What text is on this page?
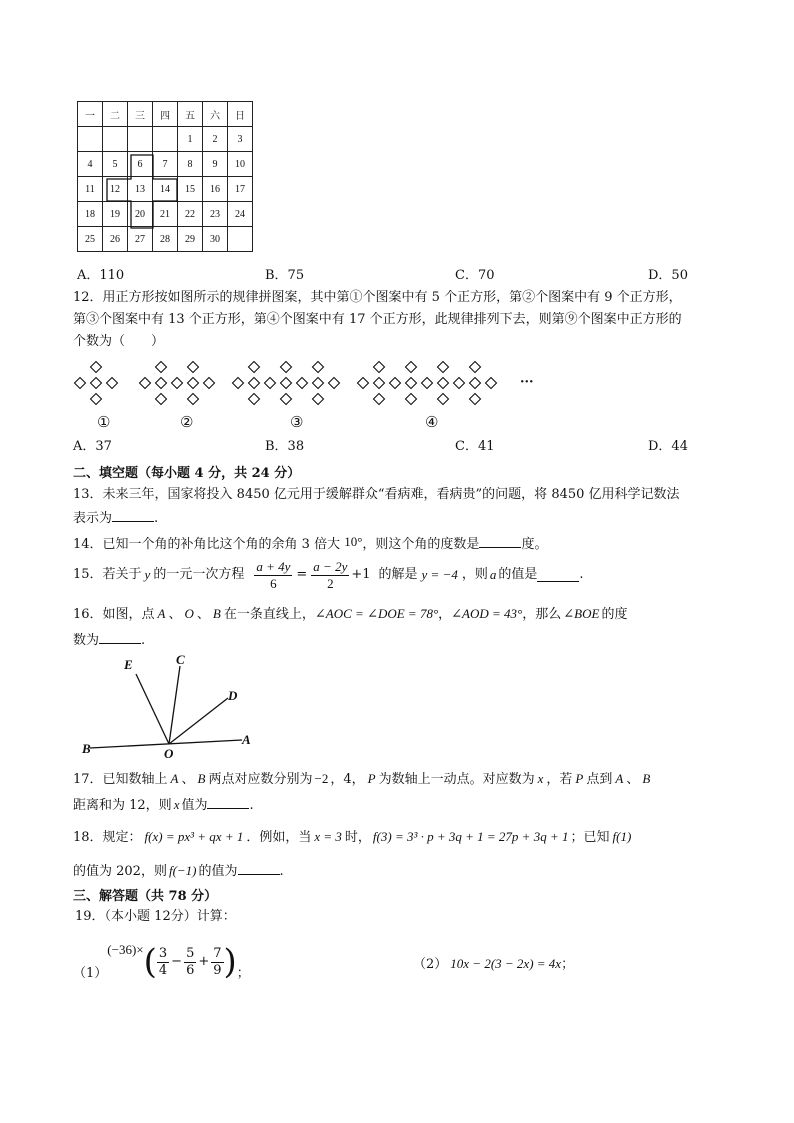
一	二	三	四	五	六	日
				1	2	3
4	5	6	7	8	9	10
11	12	13	14	15	16	17
18	19	20	21	22	23	24
25	26	27	28	29	30	
A．110	B．75	C．70	D．50
12．用正方形按如图所示的规律拼图案，其中第①个图案中有 5 个正方形，第②个图案中有 9 个正方形，
第③个图案中有 13 个正方形，第④个图案中有 17 个正方形，此规律排列下去，则第⑨个图案中正方形的
个数为（　　）
①	②	③	④
···
A．37	B．38	C．41	D．44
二、填空题（每小题 4 分，共 24 分）
13．未来三年，国家将投入 8450 亿元用于缓解群众“看病难，看病贵”的问题，将 8450 亿用科学记数法
表示为	.
14．已知一个角的补角比这个角的余角 3 倍大 10°，则这个角的度数是	度。
15．若关于 y 的一元一次方程 $\frac{a + 4y}{6} = \frac{a - 2y}{2} +1$ 的解是 y = −4 ，则 a 的值是	.
16．如图，点 A 、 O 、 B 在一条直线上，∠AOC = ∠DOE = 78°，∠AOD = 43°，那么 ∠BOE 的度
数为	.
E	C
D
B	O
A
17．已知数轴上 A 、 B 两点对应数分别为 −2 ，4， P 为数轴上一动点。对应数为 x ，若 P 点到 A 、 B
距离和为 12，则 x 值为	.
18．规定： f(x) = px³ + qx + 1 ．例如，当 x = 3 时， f(3) = 3³ · p + 3q + 1 = 27p + 3q + 1 ；已知 f(1)
的值为 202，则 f(−1) 的值为	.
三、解答题（共 78 分）
19．（本小题 12分）计算：
（1）
(−36)× ( $\frac{3}{4} - \frac{5}{6} + \frac{7}{9}$ ) ；
（2） 10x − 2(3 − 2x) = 4x；
